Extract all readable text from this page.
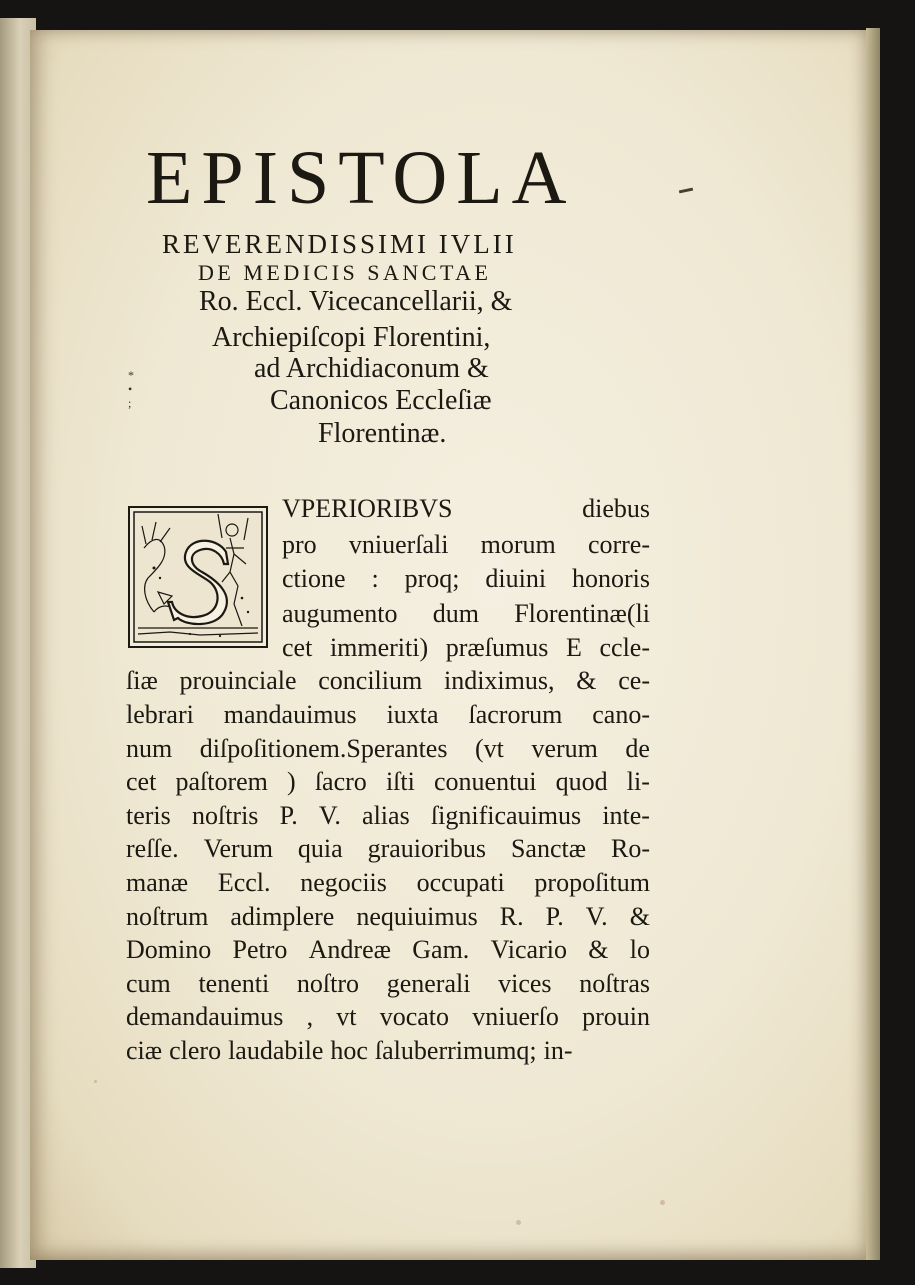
*
•
;
EPISTOLA
REVERENDISSIMI IVLII
DE MEDICIS SANCTAE
Ro. Eccl. Vicecancellarii, &
Archiepiſcopi Florentini,
ad Archidiaconum &
Canonicos Eccleſiæ
Florentinæ.
VPERIORIBVS	diebus
pro vniuerſali morum corre-
ctione : proq; diuini honoris
augumento dum Florentinæ(li
cet immeriti) præſumus E ccle-
ſiæ prouinciale concilium indiximus, & ce-
lebrari mandauimus iuxta ſacrorum cano-
num diſpoſitionem.Sperantes (vt verum de
cet paſtorem ) ſacro iſti conuentui quod li-
teris noſtris P. V. alias ſignificauimus inte-
reſſe. Verum quia grauioribus Sanctæ Ro-
manæ Eccl. negociis occupati propoſitum
noſtrum adimplere nequiuimus R. P. V. &
Domino Petro Andreæ Gam. Vicario & lo
cum tenenti noſtro generali vices noſtras
demandauimus , vt vocato vniuerſo prouin
ciæ clero laudabile hoc ſaluberrimumq; in-
